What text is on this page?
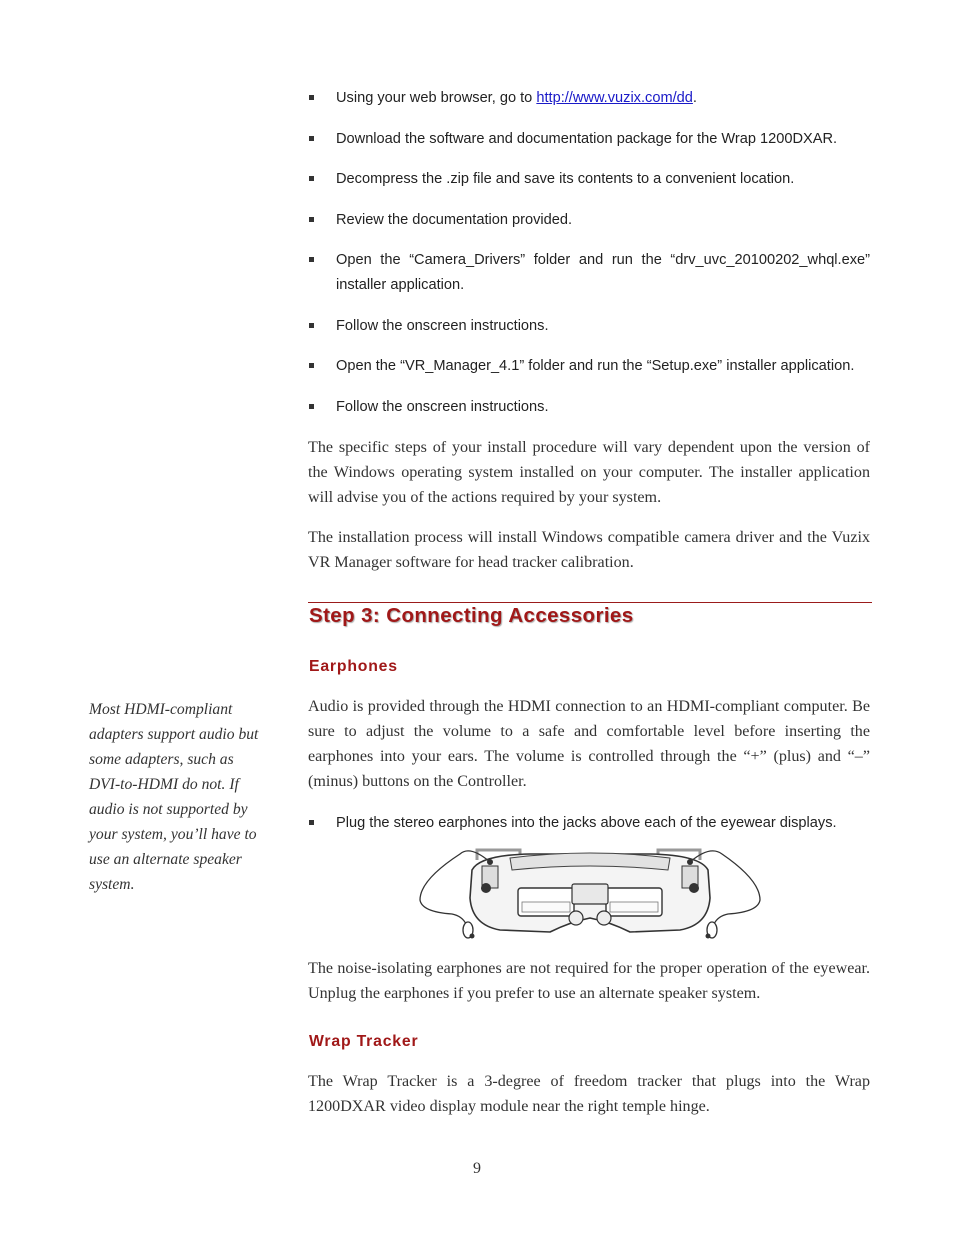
Using your web browser, go to http://www.vuzix.com/dd.
Download the software and documentation package for the Wrap 1200DXAR.
Decompress the .zip file and save its contents to a convenient location.
Review the documentation provided.
Open the “Camera_Drivers” folder and run the “drv_uvc_20100202_whql.exe” installer application.
Follow the onscreen instructions.
Open the “VR_Manager_4.1” folder and run the “Setup.exe” installer application.
Follow the onscreen instructions.

The specific steps of your install procedure will vary dependent upon the version of the Windows operating system installed on your computer. The installer application will advise you of the actions required by your system.

The installation process will install Windows compatible camera driver and the Vuzix VR Manager software for head tracker calibration.

Step 3: Connecting Accessories
Earphones

Most HDMI-compliant adapters support audio but some adapters, such as DVI-to-HDMI do not. If audio is not supported by your system, you’ll have to use an alternate speaker system.

Audio is provided through the HDMI connection to an HDMI-compliant computer. Be sure to adjust the volume to a safe and comfortable level before inserting the earphones into your ears. The volume is controlled through the “+” (plus) and “–” (minus) buttons on the Controller.

Plug the stereo earphones into the jacks above each of the eyewear displays.

The noise-isolating earphones are not required for the proper operation of the eyewear. Unplug the earphones if you prefer to use an alternate speaker system.

Wrap Tracker

The Wrap Tracker is a 3-degree of freedom tracker that plugs into the Wrap 1200DXAR video display module near the right temple hinge.

9
